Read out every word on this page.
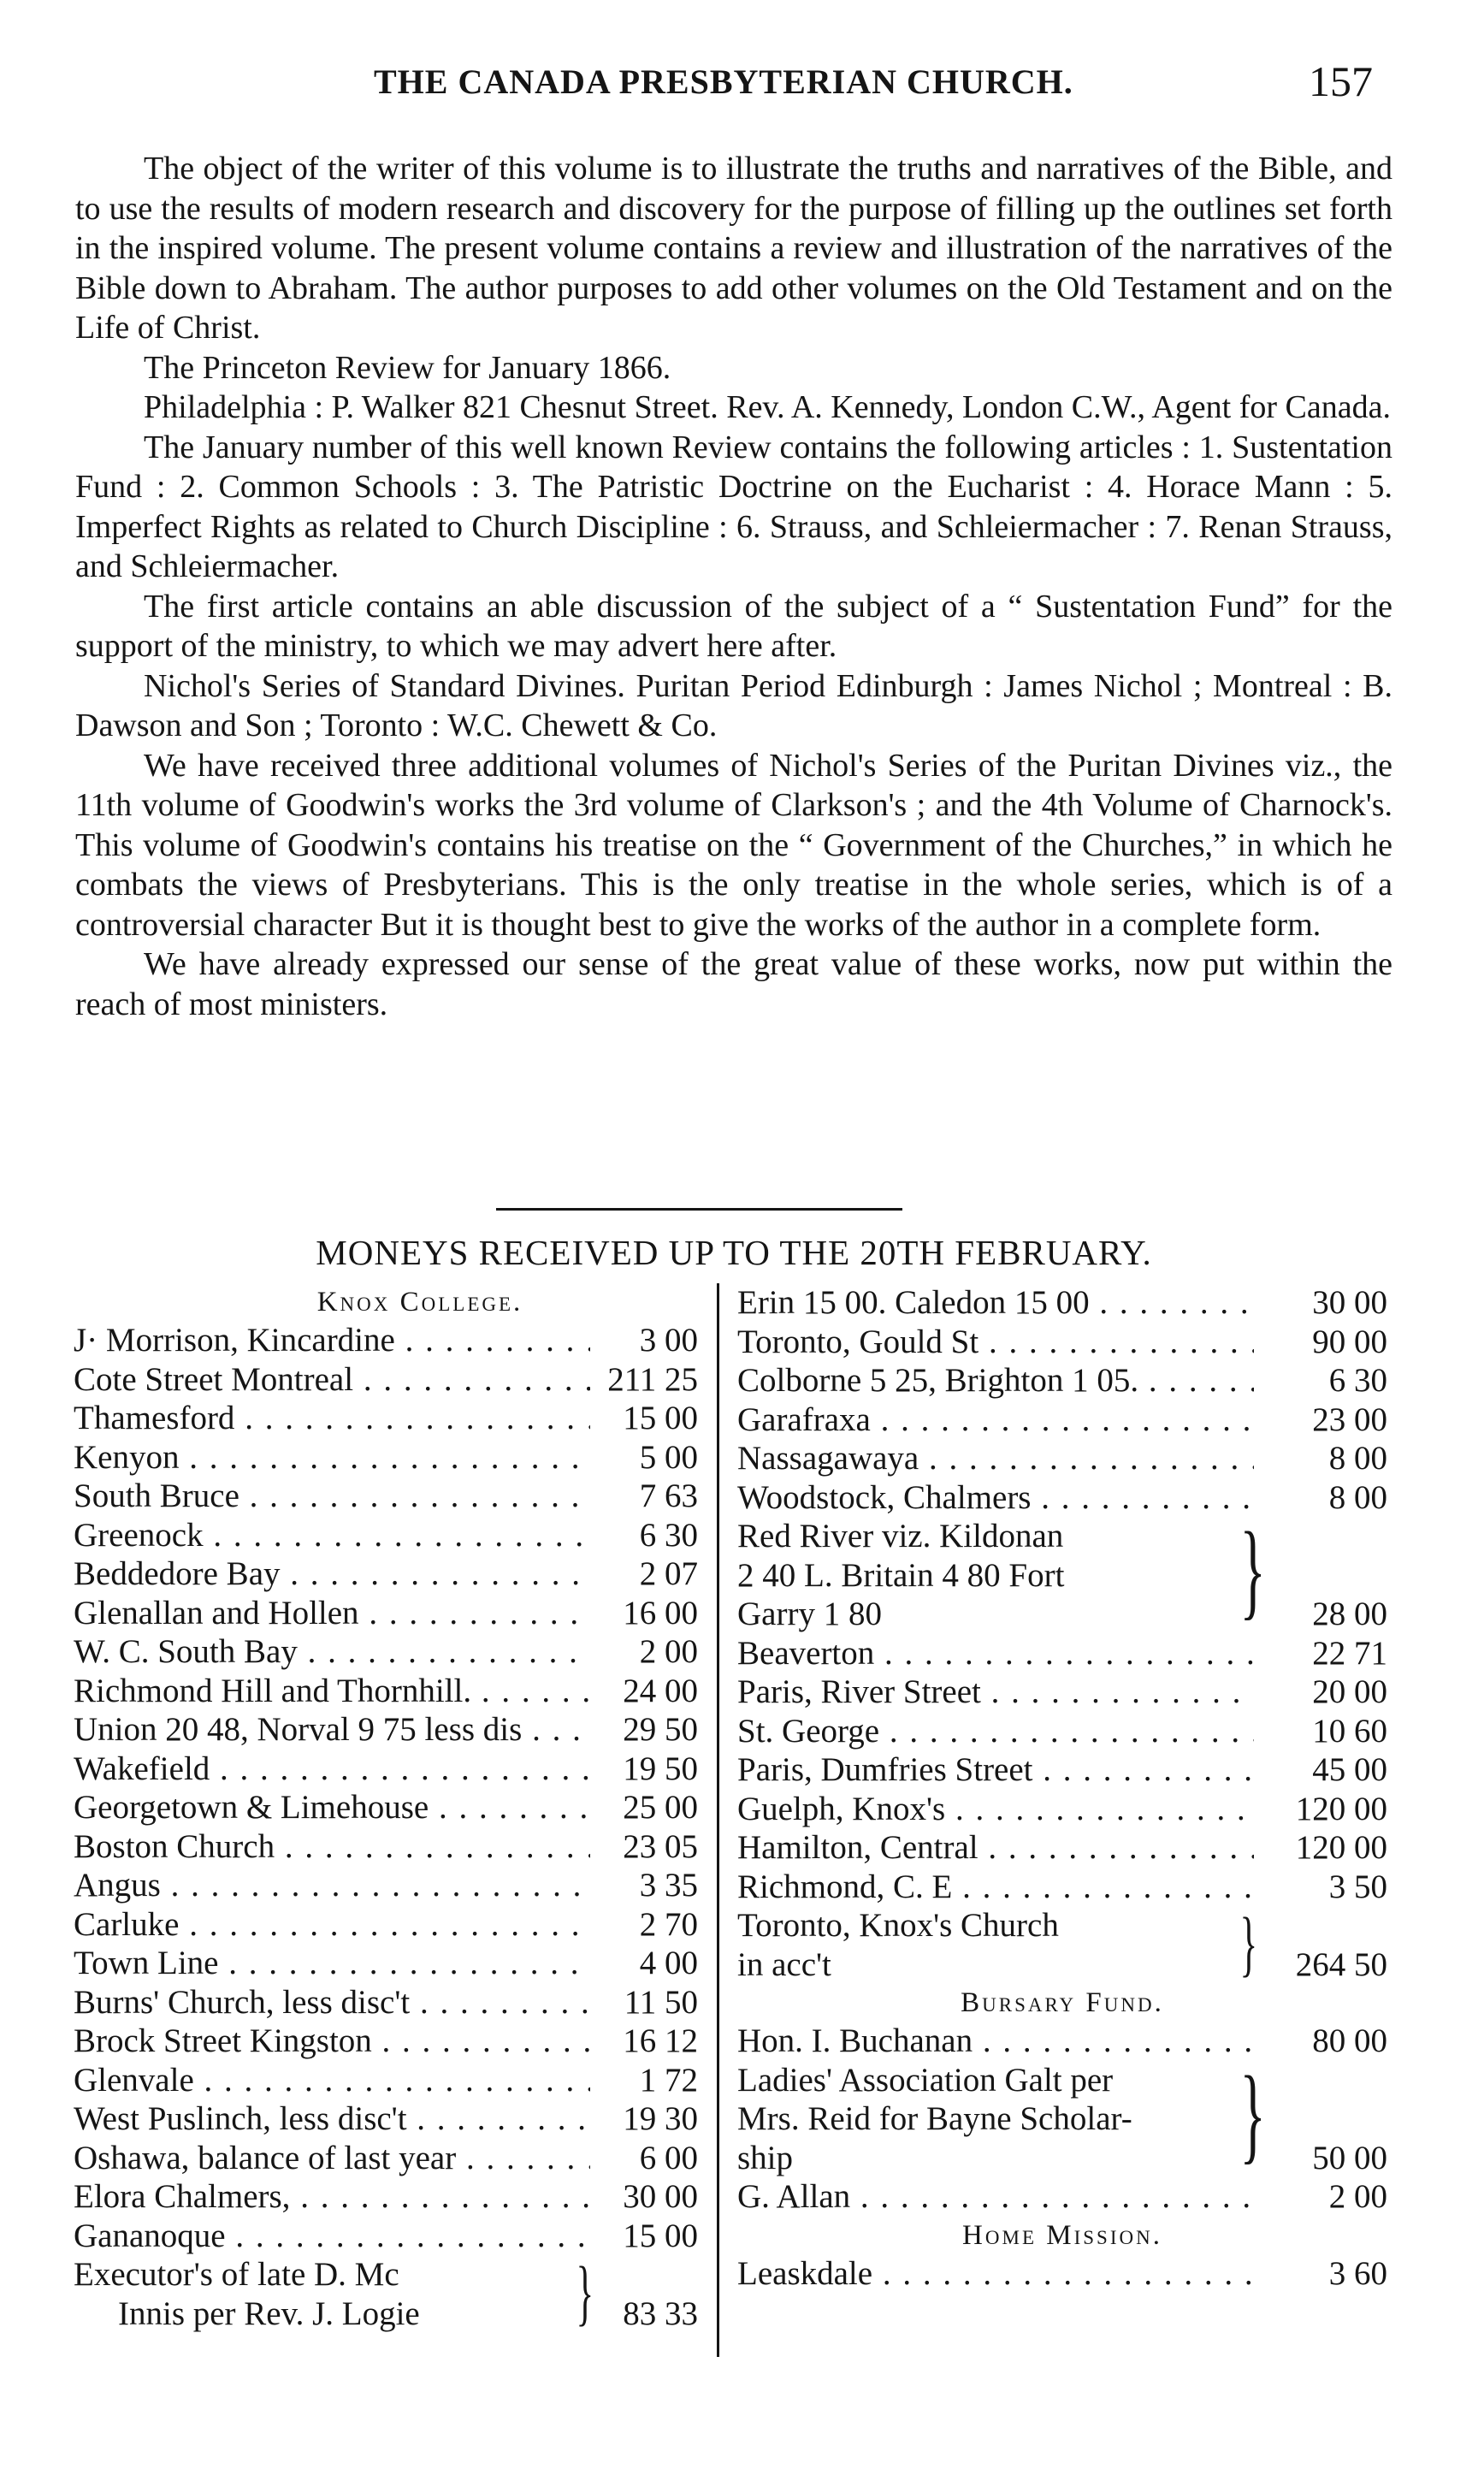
THE CANADA PRESBYTERIAN CHURCH.	157

The object of the writer of this volume is to illustrate the truths and narratives of the Bible, and to use the results of modern research and discovery for the purpose of filling up the outlines set forth in the inspired volume. The present volume contains a review and illustration of the narratives of the Bible down to Abraham. The author purposes to add other volumes on the Old Testament and on the Life of Christ.

The Princeton Review for January 1866.

Philadelphia : P. Walker 821 Chesnut Street. Rev. A. Kennedy, London C.W., Agent for Canada.

The January number of this well known Review contains the following articles : 1. Sustentation Fund : 2. Common Schools : 3. The Patristic Doctrine on the Eucharist : 4. Horace Mann : 5. Imperfect Rights as related to Church Discipline : 6. Strauss, and Schleiermacher : 7. Renan Strauss, and Schleiermacher.

The first article contains an able discussion of the subject of a “ Sustentation Fund” for the support of the ministry, to which we may advert here after.

Nichol's Series of Standard Divines. Puritan Period Edinburgh : James Nichol ; Montreal : B. Dawson and Son ; Toronto : W.C. Chewett & Co.

We have received three additional volumes of Nichol's Series of the Puritan Divines viz., the 11th volume of Goodwin's works the 3rd volume of Clarkson's ; and the 4th Volume of Charnock's. This volume of Goodwin's contains his treatise on the “ Government of the Churches,” in which he combats the views of Presbyterians. This is the only treatise in the whole series, which is of a controversial character But it is thought best to give the works of the author in a complete form.

We have already expressed our sense of the great value of these works, now put within the reach of most ministers.

MONEYS RECEIVED UP TO THE 20TH FEBRUARY.
Knox College.
J· Morrison, Kincardine . . .	3 00
Cote Street Montreal . . .	211 25
Thamesford . . .	15 00
Kenyon . . .	5 00
South Bruce . . .	7 63
Greenock . . .	6 30
Beddedore Bay . . .	2 07
Glenallan and Hollen . . .	16 00
W. C. South Bay . . .	2 00
Richmond Hill and Thornhill. . . .	24 00
Union 20 48, Norval 9 75 less dis . . .	29 50
Wakefield . . .	19 50
Georgetown & Limehouse . . .	25 00
Boston Church . . .	23 05
Angus . . .	3 35
Carluke . . .	2 70
Town Line . . .	4 00
Burns' Church, less disc't . . .	11 50
Brock Street Kingston . . .	16 12
Glenvale . . .	1 72
West Puslinch, less disc't . . .	19 30
Oshawa, balance of last year . . .	6 00
Elora Chalmers, . . .	30 00
Gananoque . . .	15 00
Executor's of late D. Mc
Innis per Rev. J. Logie	} 83 33
Erin 15 00. Caledon 15 00 . . .	30 00
Toronto, Gould St . . .	90 00
Colborne 5 25, Brighton 1 05. . . .	6 30
Garafraxa . . .	23 00
Nassagawaya . . .	8 00
Woodstock, Chalmers . . .	8 00
Red River viz. Kildonan
2 40 L. Britain 4 80 Fort
Garry 1 80	}	28 00
Beaverton . . .	22 71
Paris, River Street . . .	20 00
St. George . . .	10 60
Paris, Dumfries Street . . .	45 00
Guelph, Knox's . . .	120 00
Hamilton, Central . . .	120 00
Richmond, C. E . . .	3 50
Toronto, Knox's Church
in acc't	}	264 50
Bursary Fund.
Hon. I. Buchanan . . .	80 00
Ladies' Association Galt per
Mrs. Reid for Bayne Scholar-
ship	}	50 00
G. Allan . . .	2 00
Home Mission.
Leaskdale . . .	3 60
